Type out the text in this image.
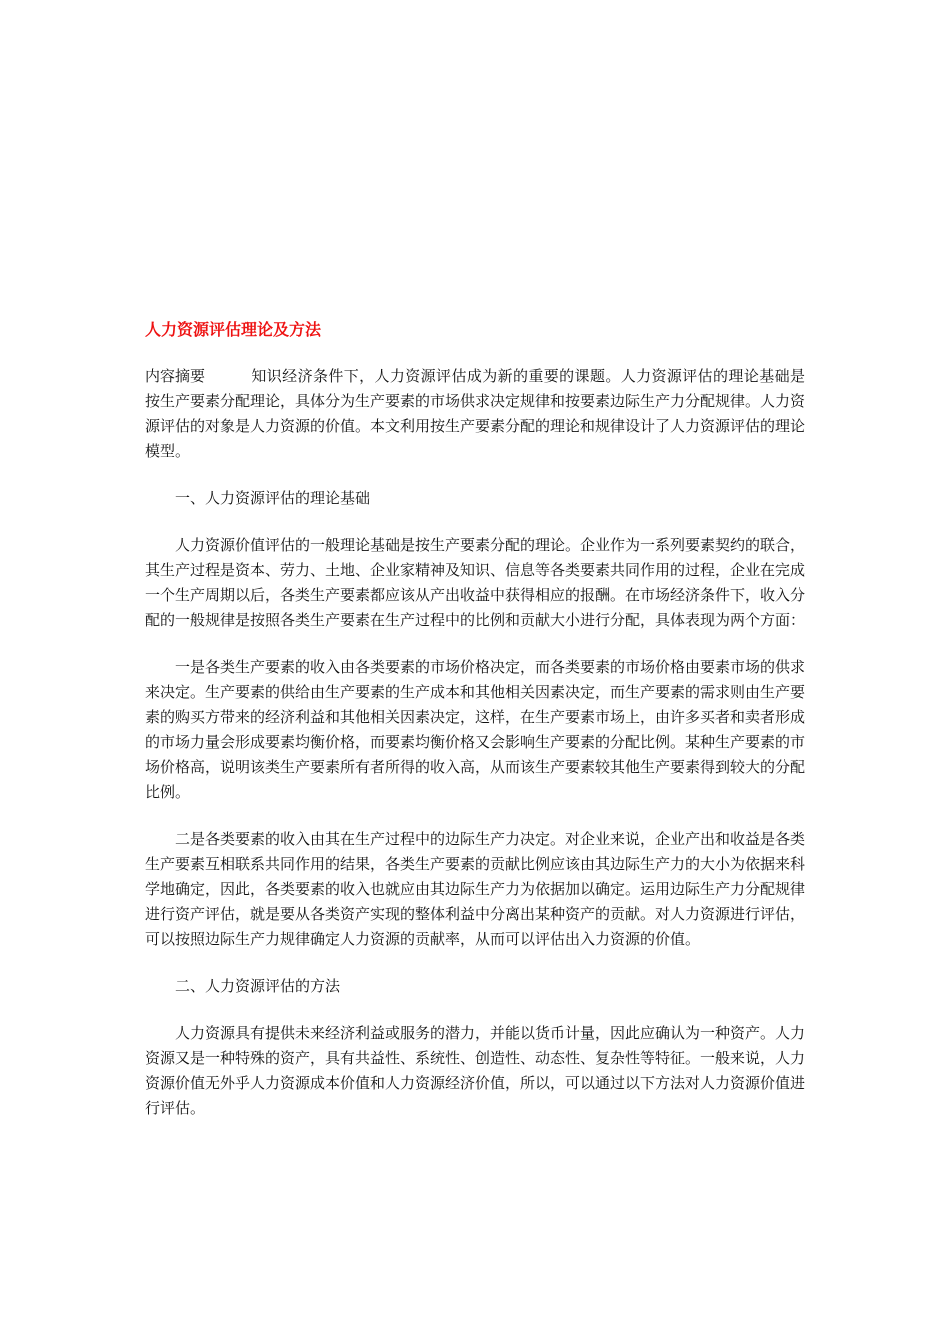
人力资源评估理论及方法
内容摘要	知识经济条件下，人力资源评估成为新的重要的课题。人力资源评估的理论基础是按生产要素分配理论，具体分为生产要素的市场供求决定规律和按要素边际生产力分配规律。人力资源评估的对象是人力资源的价值。本文利用按生产要素分配的理论和规律设计了人力资源评估的理论模型。
一、人力资源评估的理论基础
人力资源价值评估的一般理论基础是按生产要素分配的理论。企业作为一系列要素契约的联合，其生产过程是资本、劳力、土地、企业家精神及知识、信息等各类要素共同作用的过程，企业在完成一个生产周期以后，各类生产要素都应该从产出收益中获得相应的报酬。在市场经济条件下，收入分配的一般规律是按照各类生产要素在生产过程中的比例和贡献大小进行分配，具体表现为两个方面：
一是各类生产要素的收入由各类要素的市场价格决定，而各类要素的市场价格由要素市场的供求来决定。生产要素的供给由生产要素的生产成本和其他相关因素决定，而生产要素的需求则由生产要素的购买方带来的经济利益和其他相关因素决定，这样，在生产要素市场上，由许多买者和卖者形成的市场力量会形成要素均衡价格，而要素均衡价格又会影响生产要素的分配比例。某种生产要素的市场价格高，说明该类生产要素所有者所得的收入高，从而该生产要素较其他生产要素得到较大的分配比例。
二是各类要素的收入由其在生产过程中的边际生产力决定。对企业来说，企业产出和收益是各类生产要素互相联系共同作用的结果，各类生产要素的贡献比例应该由其边际生产力的大小为依据来科学地确定，因此，各类要素的收入也就应由其边际生产力为依据加以确定。运用边际生产力分配规律进行资产评估，就是要从各类资产实现的整体利益中分离出某种资产的贡献。对人力资源进行评估，可以按照边际生产力规律确定人力资源的贡献率，从而可以评估出入力资源的价值。
二、人力资源评估的方法
人力资源具有提供未来经济利益或服务的潜力，并能以货币计量，因此应确认为一种资产。人力资源又是一种特殊的资产，具有共益性、系统性、创造性、动态性、复杂性等特征。一般来说，人力资源价值无外乎人力资源成本价值和人力资源经济价值，所以，可以通过以下方法对人力资源价值进行评估。
